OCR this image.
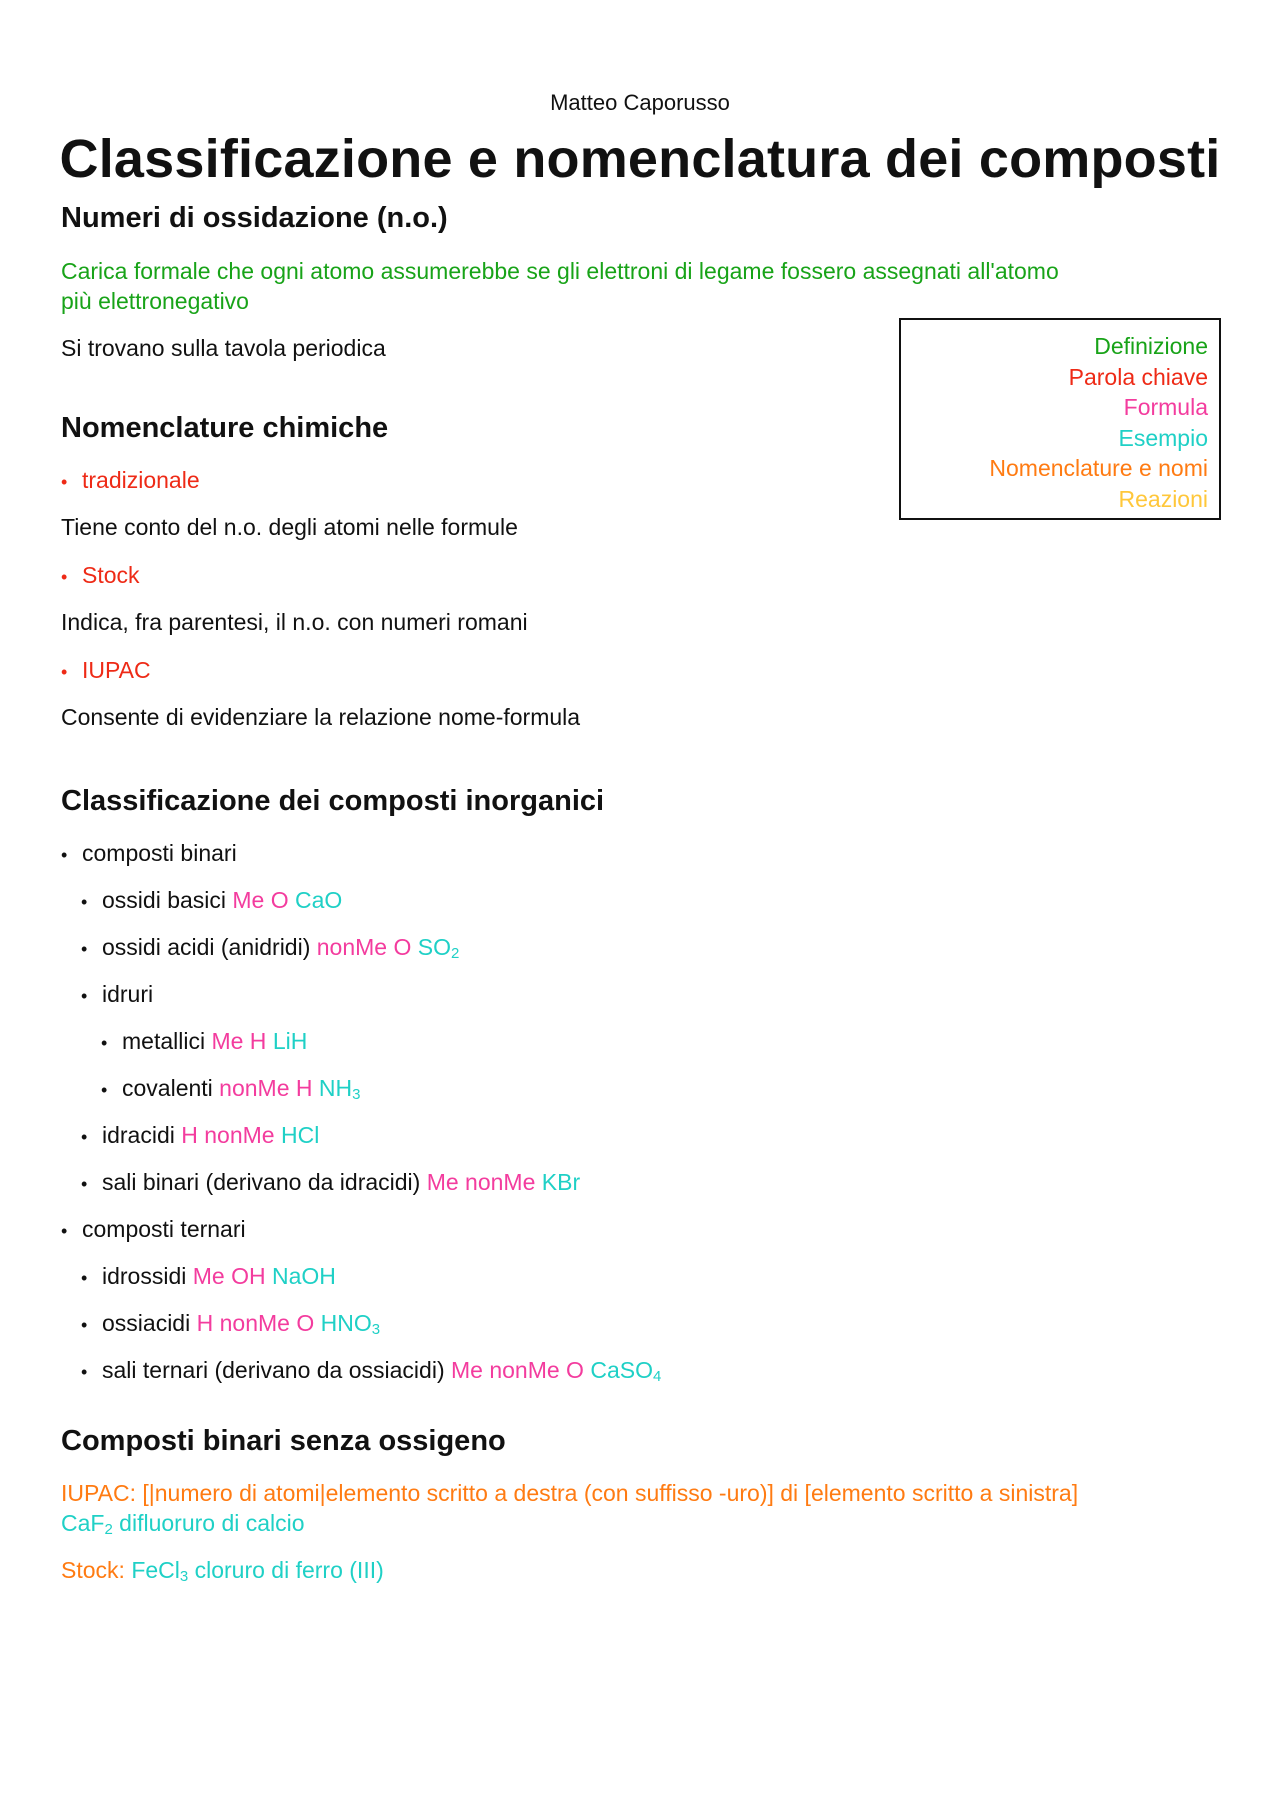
Matteo Caporusso
Classificazione e nomenclatura dei composti
Numeri di ossidazione (n.o.)
Carica formale che ogni atomo assumerebbe se gli elettroni di legame fossero assegnati all'atomo
più elettronegativo
Si trovano sulla tavola periodica	Definizione
Parola chiave
Formula
Esempio
Nomenclature e nomi
Reazioni
Nomenclature chimiche
• tradizionale
Tiene conto del n.o. degli atomi nelle formule
• Stock
Indica, fra parentesi, il n.o. con numeri romani
• IUPAC
Consente di evidenziare la relazione nome-formula
Classificazione dei composti inorganici
• composti binari
• ossidi basici Me O CaO
• ossidi acidi (anidridi) nonMe O $SO_2$
• idruri
• metallici Me H LiH
• covalenti nonMe H $NH_3$
• idracidi H nonMe HCl
• sali binari (derivano da idracidi) Me nonMe KBr
• composti ternari
• idrossidi Me OH NaOH
• ossiacidi H nonMe O $HNO_3$
• sali ternari (derivano da ossiacidi) Me nonMe O CaSO$_4$
Composti binari senza ossigeno
IUPAC: [|numero di atomi|elemento scritto a destra (con suffisso -uro)] di [elemento scritto a sinistra]
CaF$_2$ difluoruro di calcio
Stock: FeCl$_3$ cloruro di ferro (III)
